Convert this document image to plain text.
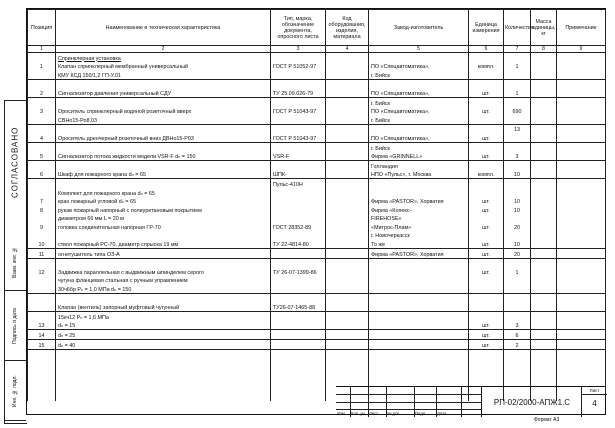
СОГЛАСОВАНО
Взам. инв. №
Подпись и дата
Инв. № подл.
Позиция	Наименование и техническая характеристика	Тип, марка, обозначение документа, опросного листа	Код оборудования, изделия, материала	Завод-изготовитель	Единица измерения	Количество	Масса единицы, кг	Примечание
1	2	3	4	5	6	7	8	9
	Спринклерная установка							
1	Клапан спринклерный мембранный универсальный	ГОСТ Р 51052-97		ПО «Спецавтоматика»,	компл.	1		
	КМУ КСД 150/1,2 ГП-У.01			г. Бийск				

2	Сигнализатор давления универсальный СДУ	ТУ 25.09.026-79		ПО «Спецавтоматика»,	шт.	1		
				г. Бийск				
3	Ороситель спринклерный водяной розеточный вверх	ГОСТ Р 51043-97		ПО «Спецавтоматика»,	шт.	690		
	СВНо15-Ро8,03			г. Бийск				
						13		
4	Ороситель дренчерный розеточный вниз ДВНо15-Р03	ГОСТ Р 51043-97		ПО «Спецавтоматика»,	шт.			
				г. Бийск				
5	Сигнализатор потока жидкости модели VSR-F dₙ = 150	VSR-F		Фирма «GRINNELL»	шт.	3		
				Голландия				
6	Шкаф для пожарного крана dₙ = 65	ШПК-		НПО «Пульс», г. Москва	компл.	10		
		Пульс-410Н						
	Комплект для пожарного крана dₙ = 65							
7	кран пожарный угловой dₙ = 65			Фирма «PASTOR», Хорватия	шт.	10		
8	рукав пожарный напорный с полиуретановым покрытием			Фирма «Копекс-	шт.	10		
	диаметром 66 мм L = 20 м			FIREHOSE»				
9	головка соединительная напорная ГР-70	ГОСТ 28352-89		«Митрос-Плам»	шт.	20		
				г. Новочеркасск				
10	ствол пожарный РС-70, диаметр спрыска 19 мм	ТУ 22-4814-80		То же	шт.	10		
11	огнетушитель типа ОЗ-А			Фирма «PASTOR», Хорватия	шт.	20		

12	Задвижка параллельная с выдвижным шпинделем серого	ТУ 26-07-1399-86			шт.	1		
	чугуна фланцевая стальная с ручным управлением							
	30ч6бр Pₙ = 1,0 МПа dₙ = 150							

	Клапан (вентиль) запорный муфтовый чугунный	ТУ26-07-1465-88						
	15кч12 Pₙ = 1,6 МПа							
13	dₙ = 15				шт.	3		
14	dₙ = 25				шт.	6		
15	dₙ = 40				шт.	2		

Изм. Кол. уч. Лист № док.	Подп.	Дата
РП-02/2000-АПЖ1.С
Лист
4
Формат А3
